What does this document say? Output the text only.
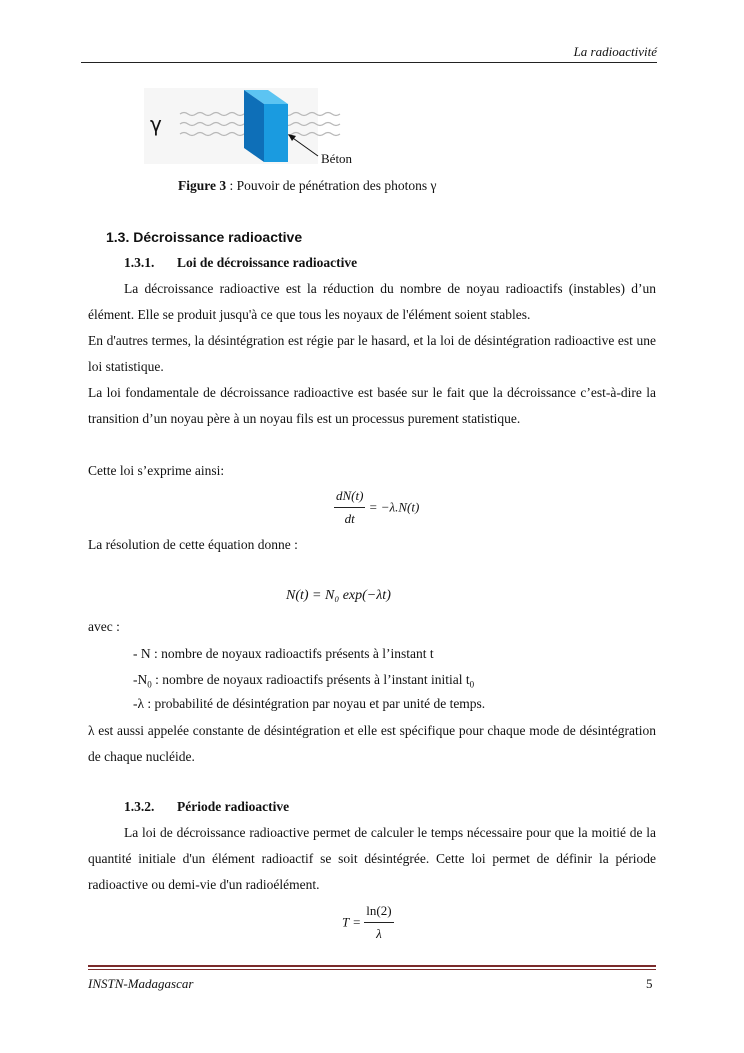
La radioactivité
γ
Béton
Figure 3 : Pouvoir de pénétration des photons γ
1.3. Décroissance radioactive
1.3.1. Loi de décroissance radioactive
La décroissance radioactive est la réduction du nombre de noyau radioactifs (instables) d’un élément. Elle se produit jusqu'à ce que tous les noyaux de l'élément soient stables.
En d'autres termes, la désintégration est régie par le hasard, et la loi de désintégration radioactive est une loi statistique.
La loi fondamentale de décroissance radioactive est basée sur le fait que la décroissance c’est-à-dire la transition d’un noyau père à un noyau fils est un processus purement statistique.
Cette loi s’exprime ainsi:
$\frac{dN(t)}{dt} = -\lambda.N(t)$
La résolution de cette équation donne :
N(t) = N₀ exp(−λt)
avec :
- N : nombre de noyaux radioactifs présents à l’instant t
$-N_0$ : nombre de noyaux radioactifs présents à l’instant initial $t_0$
-λ : probabilité de désintégration par noyau et par unité de temps.
λ est aussi appelée constante de désintégration et elle est spécifique pour chaque mode de désintégration de chaque nucléide.
1.3.2. Période radioactive
La loi de décroissance radioactive permet de calculer le temps nécessaire pour que la moitié de la quantité initiale d'un élément radioactif se soit désintégrée. Cette loi permet de définir la période radioactive ou demi-vie d'un radioélément.
$T = \frac{\ln(2)}{\lambda}$
INSTN-Madagascar	5
